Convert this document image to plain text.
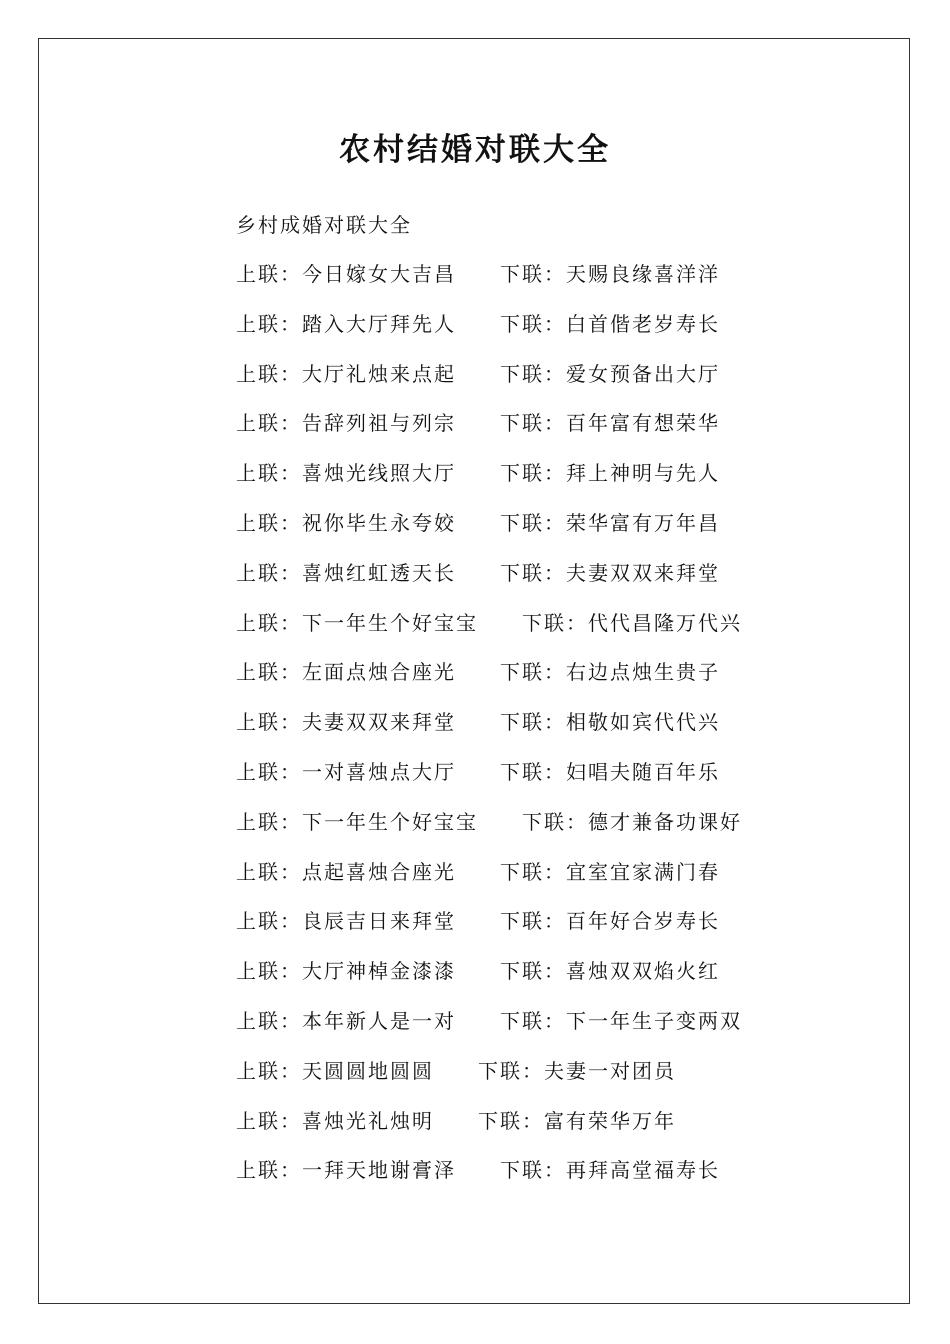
农村结婚对联大全
乡村成婚对联大全
上联：今日嫁女大吉昌　　下联：天赐良缘喜洋洋
上联：踏入大厅拜先人　　下联：白首偕老岁寿长
上联：大厅礼烛来点起　　下联：爱女预备出大厅
上联：告辞列祖与列宗　　下联：百年富有想荣华
上联：喜烛光线照大厅　　下联：拜上神明与先人
上联：祝你毕生永夸姣　　下联：荣华富有万年昌
上联：喜烛红虹透天长　　下联：夫妻双双来拜堂
上联：下一年生个好宝宝　　下联：代代昌隆万代兴
上联：左面点烛合座光　　下联：右边点烛生贵子
上联：夫妻双双来拜堂　　下联：相敬如宾代代兴
上联：一对喜烛点大厅　　下联：妇唱夫随百年乐
上联：下一年生个好宝宝　　下联：德才兼备功课好
上联：点起喜烛合座光　　下联：宜室宜家满门春
上联：良辰吉日来拜堂　　下联：百年好合岁寿长
上联：大厅神棹金漆漆　　下联：喜烛双双焰火红
上联：本年新人是一对　　下联：下一年生子变两双
上联：天圆圆地圆圆　　下联：夫妻一对团员
上联：喜烛光礼烛明　　下联：富有荣华万年
上联：一拜天地谢膏泽　　下联：再拜高堂福寿长
